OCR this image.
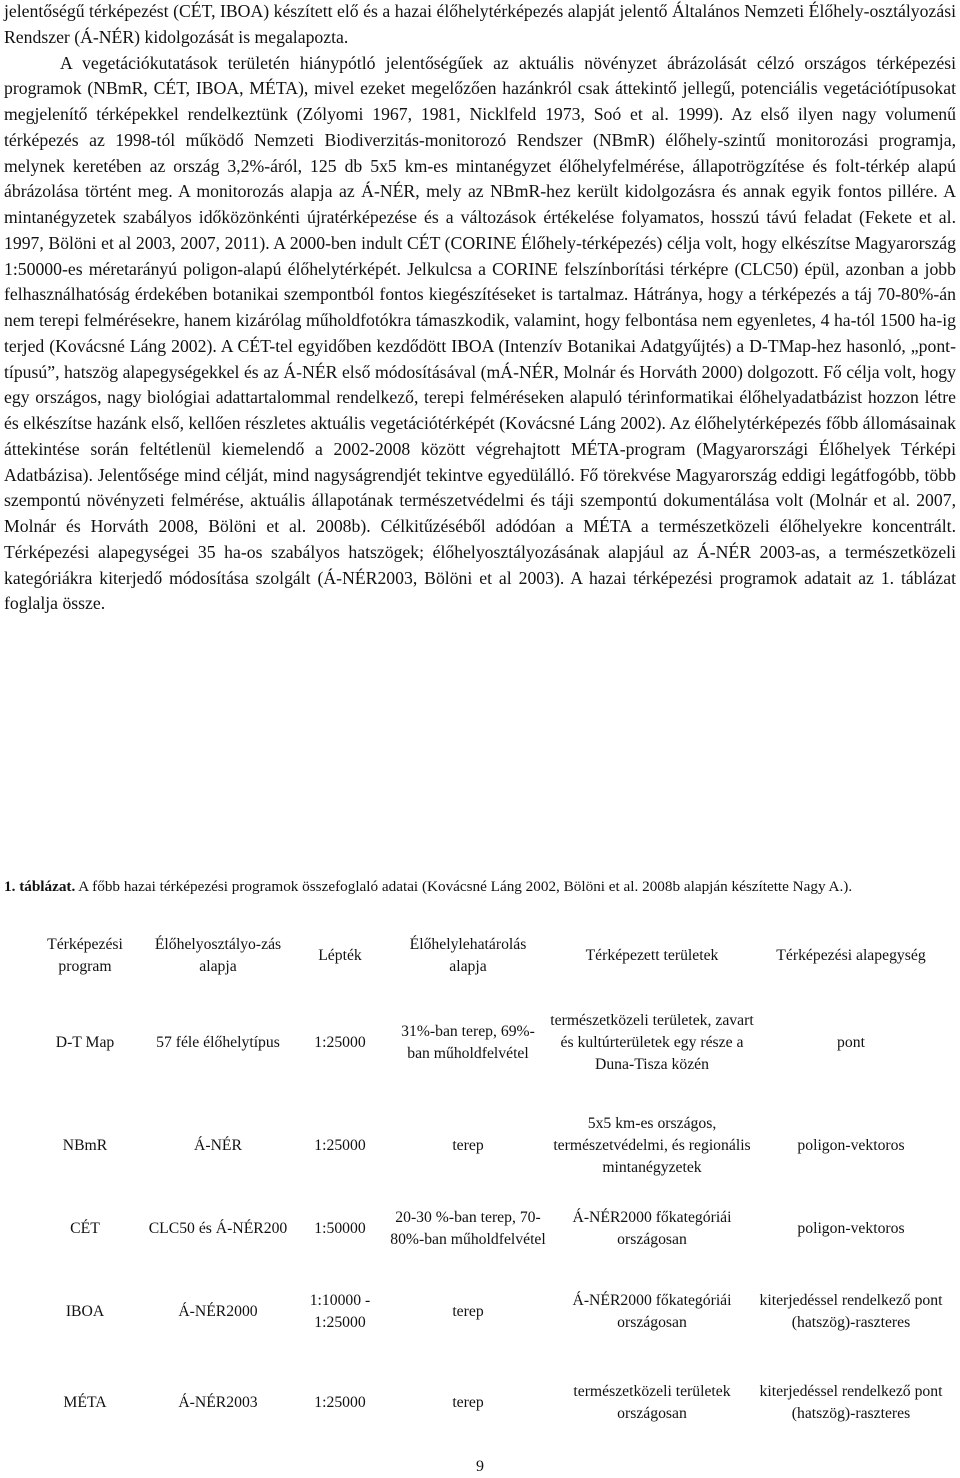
jelentőségű térképezést (CÉT, IBOA) készített elő és a hazai élőhelytérképezés alapját jelentő Általános Nemzeti Élőhely-osztályozási Rendszer (Á-NÉR) kidolgozását is megalapozta.

A vegetációkutatások területén hiánypótló jelentőségűek az aktuális növényzet ábrázolását célzó országos térképezési programok (NBmR, CÉT, IBOA, MÉTA), mivel ezeket megelőzően hazánkról csak áttekintő jellegű, potenciális vegetációtípusokat megjelenítő térképekkel rendelkeztünk (Zólyomi 1967, 1981, Nicklfeld 1973, Soó et al. 1999). Az első ilyen nagy volumenű térképezés az 1998-tól működő Nemzeti Biodiverzitás-monitorozó Rendszer (NBmR) élőhely-szintű monitorozási programja, melynek keretében az ország 3,2%-áról, 125 db 5x5 km-es mintanégyzet élőhelyfelmérése, állapotrögzítése és folt-térkép alapú ábrázolása történt meg. A monitorozás alapja az Á-NÉR, mely az NBmR-hez került kidolgozásra és annak egyik fontos pillére. A mintanégyzetek szabályos időközönkénti újratérképezése és a változások értékelése folyamatos, hosszú távú feladat (Fekete et al. 1997, Bölöni et al 2003, 2007, 2011). A 2000-ben indult CÉT (CORINE Élőhely-térképezés) célja volt, hogy elkészítse Magyarország 1:50000-es méretarányú poligon-alapú élőhelytérképét. Jelkulcsa a CORINE felszínborítási térképre (CLC50) épül, azonban a jobb felhasználhatóság érdekében botanikai szempontból fontos kiegészítéseket is tartalmaz. Hátránya, hogy a térképezés a táj 70-80%-án nem terepi felmérésekre, hanem kizárólag műholdfotókra támaszkodik, valamint, hogy felbontása nem egyenletes, 4 ha-tól 1500 ha-ig terjed (Kovácsné Láng 2002). A CÉT-tel egyidőben kezdődött IBOA (Intenzív Botanikai Adatgyűjtés) a D-TMap-hez hasonló, „pont-típusú”, hatszög alapegységekkel és az Á-NÉR első módosításával (mÁ-NÉR, Molnár és Horváth 2000) dolgozott. Fő célja volt, hogy egy országos, nagy biológiai adattartalommal rendelkező, terepi felméréseken alapuló térinformatikai élőhelyadatbázist hozzon létre és elkészítse hazánk első, kellően részletes aktuális vegetációtérképét (Kovácsné Láng 2002). Az élőhelytérképezés főbb állomásainak áttekintése során feltétlenül kiemelendő a 2002-2008 között végrehajtott MÉTA-program (Magyarországi Élőhelyek Térképi Adatbázisa). Jelentősége mind célját, mind nagyságrendjét tekintve egyedülálló. Fő törekvése Magyarország eddigi legátfogóbb, több szempontú növényzeti felmérése, aktuális állapotának természetvédelmi és táji szempontú dokumentálása volt (Molnár et al. 2007, Molnár és Horváth 2008, Bölöni et al. 2008b). Célkitűzéséből adódóan a MÉTA a természetközeli élőhelyekre koncentrált. Térképezési alapegységei 35 ha-os szabályos hatszögek; élőhelyosztályozásának alapjául az Á-NÉR 2003-as, a természetközeli kategóriákra kiterjedő módosítása szolgált (Á-NÉR2003, Bölöni et al 2003). A hazai térképezési programok adatait az 1. táblázat foglalja össze.

1. táblázat. A főbb hazai térképezési programok összefoglaló adatai (Kovácsné Láng 2002, Bölöni et al. 2008b alapján készítette Nagy A.).

Térképezési program	Élőhelyosztályo-zás alapja	Lépték	Élőhelylehatárolás alapja	Térképezett területek	Térképezési alapegység
D-T Map	57 féle élőhelytípus	1:25000	31%-ban terep, 69%-ban műholdfelvétel	természetközeli területek, zavart és kultúrterületek egy része a Duna-Tisza közén	pont
NBmR	Á-NÉR	1:25000	terep	5x5 km-es országos, természetvédelmi, és regionális mintanégyzetek	poligon-vektoros
CÉT	CLC50 és Á-NÉR200	1:50000	20-30 %-ban terep, 70-80%-ban műholdfelvétel	Á-NÉR2000 főkategóriái országosan	poligon-vektoros
IBOA	Á-NÉR2000	1:10000 - 1:25000	terep	Á-NÉR2000 főkategóriái országosan	kiterjedéssel rendelkező pont (hatszög)-raszteres
MÉTA	Á-NÉR2003	1:25000	terep	természetközeli területek országosan	kiterjedéssel rendelkező pont (hatszög)-raszteres
9
